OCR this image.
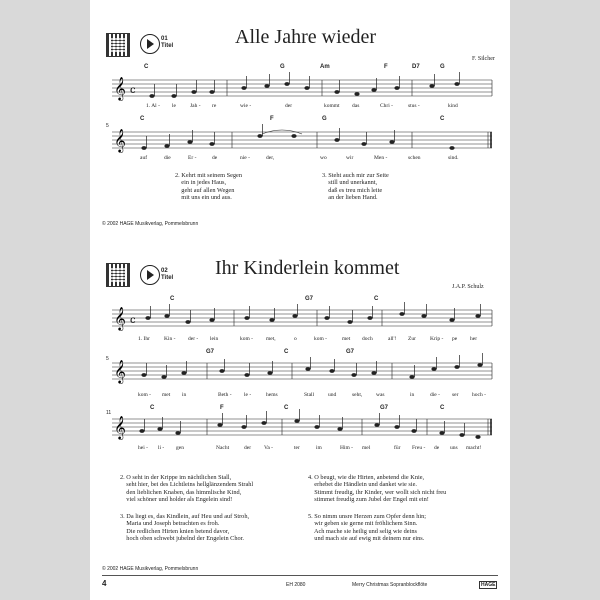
01
Titel	Alle Jahre wieder
F. Silcher
C	G	Am	F	D7	G
𝄞 c
1. Al - le	Jah - re	wie -	der	kommt das	Chri -	stus -	kind
C	F	G	C
5
𝄞
auf	die	Er -	de	nie -	der,	wo	wir	Men -	schen	sind.
2. Kehrt mit seinem Segen
ein in jedes Haus,
geht auf allen Wegen
mit uns ein und aus.
3. Steht auch mir zur Seite
still und unerkannt,
daß es treu mich leite
an der lieben Hand.
© 2002 HAGE Musikverlag, Pommelsbrunn
02
Titel Ihr Kinderlein kommet
J.A.P. Schulz
C	G7	C
𝄞 c
1. Ihr	Kin - der - lein	kom - met,	o	kom -	met doch	all'! Zur	Krip - pe her
G7	C	G7
5 𝄞
kom - met in	Beth - le -	hems	Stall	und	seht,	was	in	die - ser hoch -
C	F	C	G7	C
11
𝄞
hei - li - gen	Nacht	der Va -	ter	im	Him - mel	für Freu - de uns macht!
2. O seht in der Krippe im nächtlichen Stall,
seht hier, bei des Lichtleins hellglänzendem Strahl
den lieblichen Knaben, das himmlische Kind,
viel schöner und holder als Engelein sind!
3. Da liegt es, das Kindlein, auf Heu und auf Stroh,
Maria und Joseph betrachten es froh.
Die redlichen Hirten knien betend davor,
hoch oben schwebt jubelnd der Engelein Chor.
4. O beugt, wie die Hirten, anbetend die Knie,
erhebet die Händlein und danket wie sie.
Stimmt freudig, ihr Kinder, wer wollt sich nicht freu
stimmet freudig zum Jubel der Engel mit ein!
5. So nimm unsre Herzen zum Opfer denn hin;
wir geben sie gerne mit fröhlichem Sinn.
Ach mache sie heilig und selig wie deins
und mach sie auf ewig mit deinem nur eins.
© 2002 HAGE Musikverlag, Pommelsbrunn
4	EH 2080	Merry Christmas Sopranblockflöte	HAGE
